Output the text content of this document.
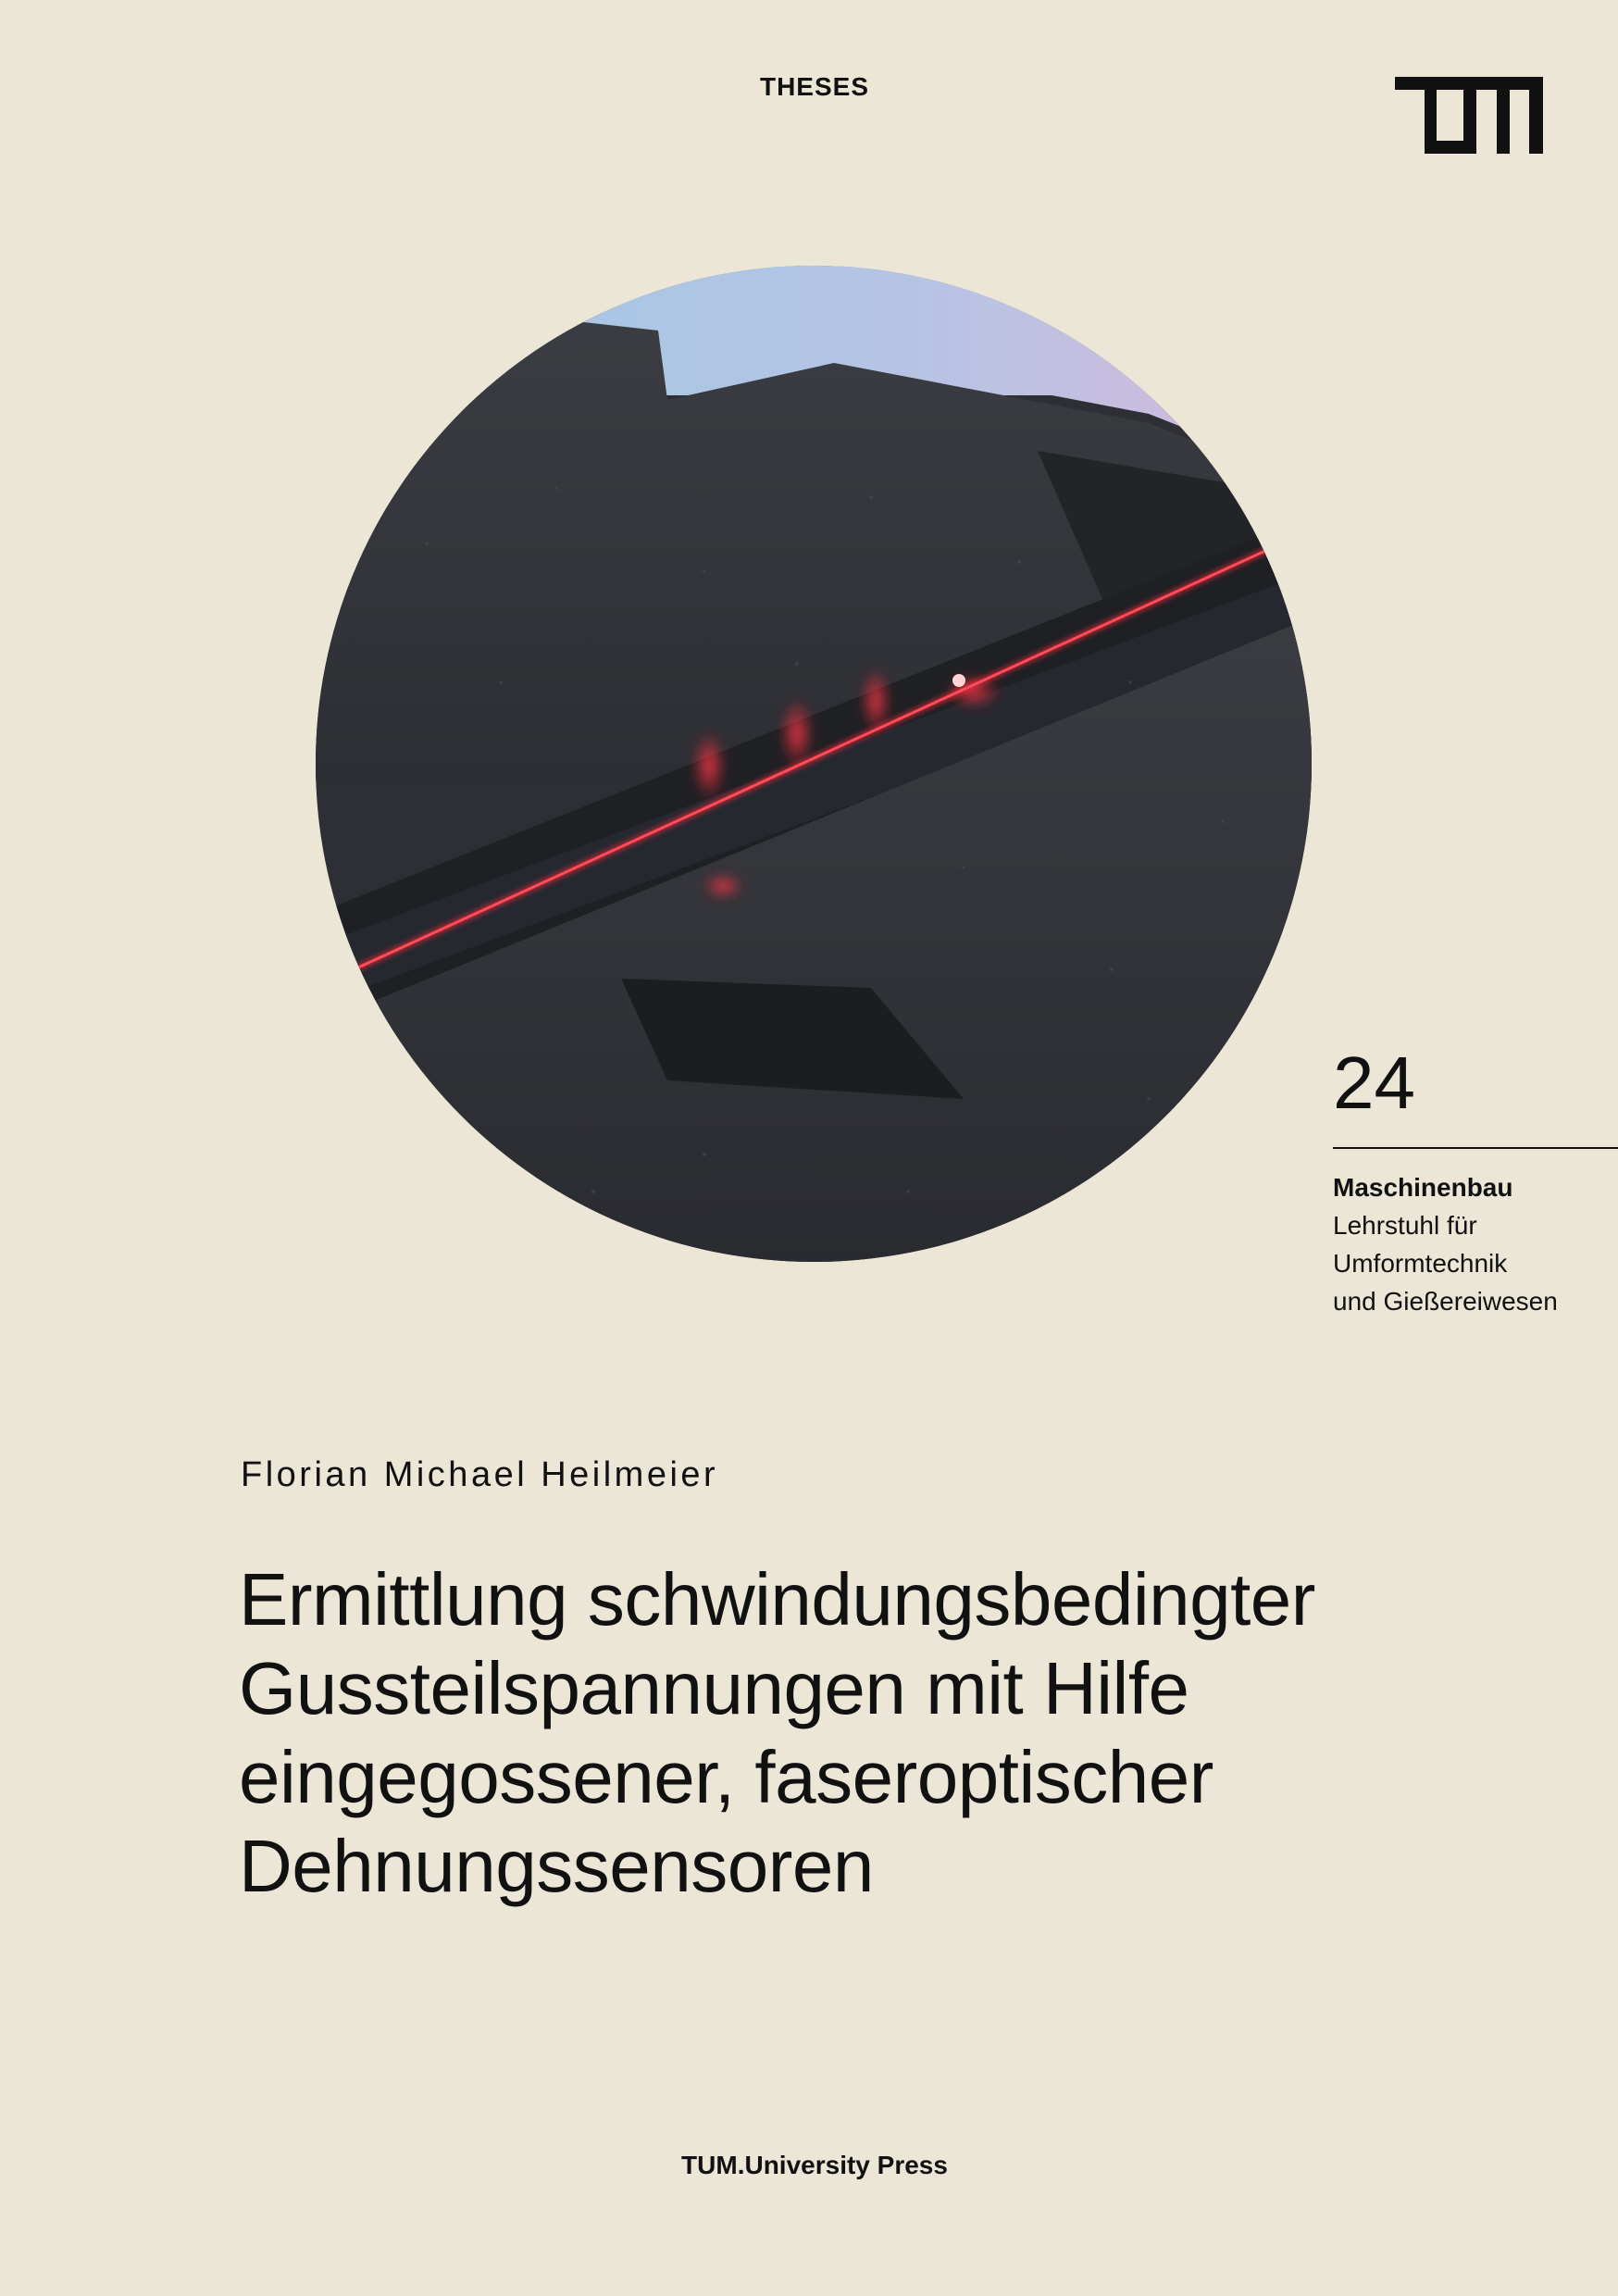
THESES
24
Maschinenbau
Lehrstuhl für
Umformtechnik
und Gießereiwesen
Florian Michael Heilmeier
Ermittlung schwindungsbedingter
Gussteilspannungen mit Hilfe
eingegossener, faseroptischer
Dehnungssensoren
TUM.University Press
